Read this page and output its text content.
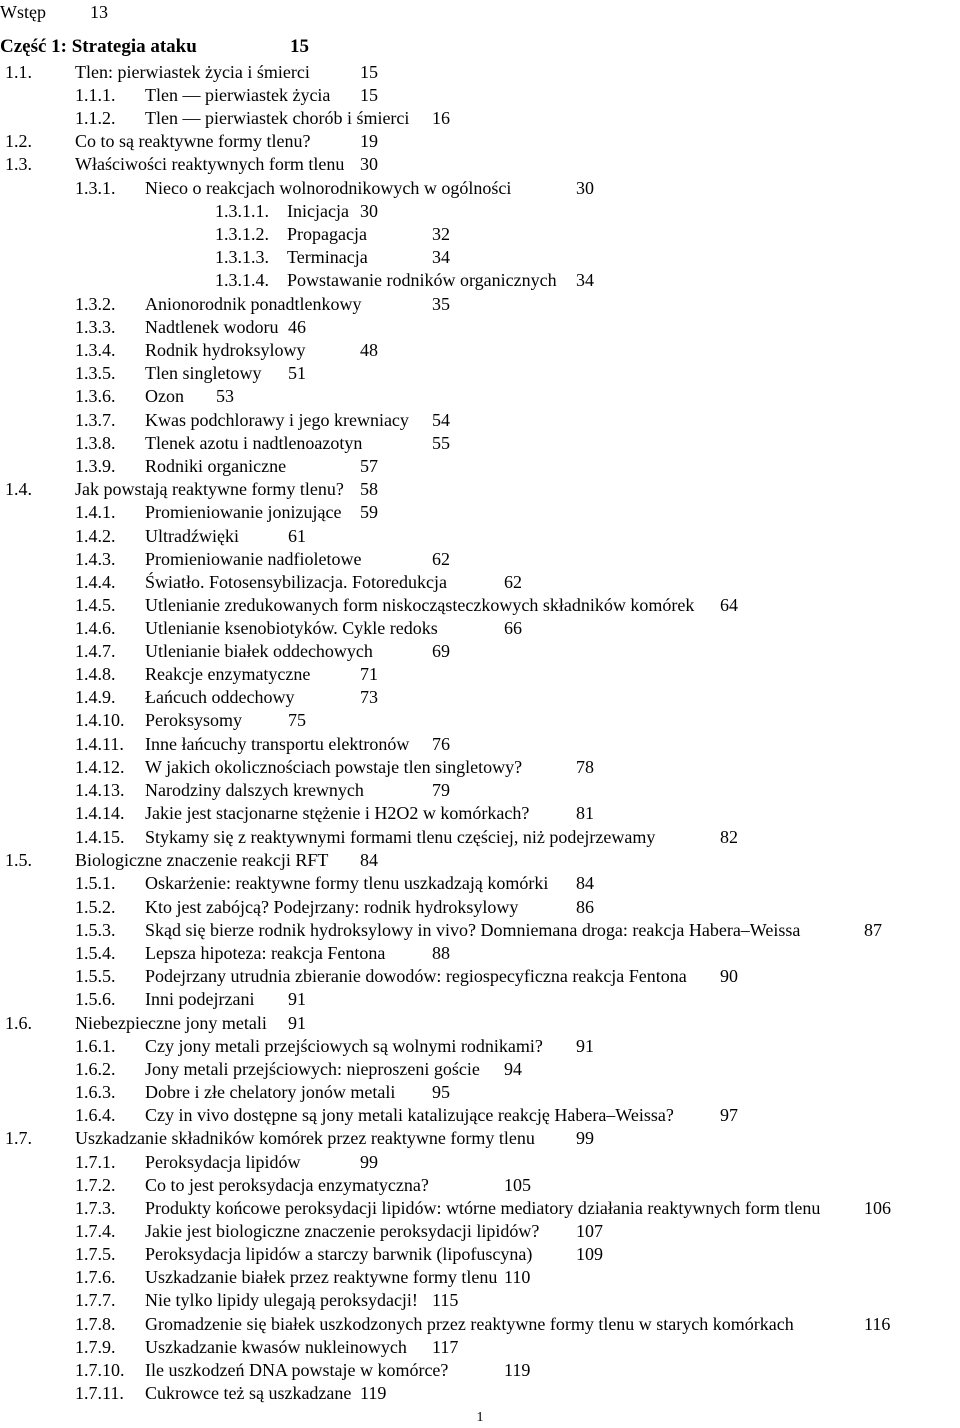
Wstęp 13
Część 1: Strategia ataku	15
1.1. Tlen: pierwiastek życia i śmierci	15
1.1.1. Tlen — pierwiastek życia 15
1.1.2. Tlen — pierwiastek chorób i śmierci 16
1.2. Co to są reaktywne formy tlenu?	19
1.3. Właściwości reaktywnych form tlenu 30
1.3.1. Nieco o reakcjach wolnorodnikowych w ogólności	30
1.3.1.1. Inicjacja 30
1.3.1.2. Propagacja	32
1.3.1.3. Terminacja	34
1.3.1.4. Powstawanie rodników organicznych 34
1.3.2. Anionorodnik ponadtlenkowy	35
1.3.3. Nadtlenek wodoru 46
1.3.4. Rodnik hydroksylowy	48
1.3.5. Tlen singletowy 51
1.3.6. Ozon 53
1.3.7. Kwas podchlorawy i jego krewniacy 54
1.3.8. Tlenek azotu i nadtlenoazotyn	55
1.3.9. Rodniki organiczne	57
1.4. Jak powstają reaktywne formy tlenu? 58
1.4.1. Promieniowanie jonizujące 59
1.4.2. Ultradźwięki	61
1.4.3. Promieniowanie nadfioletowe	62
1.4.4. Światło. Fotosensybilizacja. Fotoredukcja	62
1.4.5. Utlenianie zredukowanych form niskocząsteczkowych składników komórek 64
1.4.6. Utlenianie ksenobiotyków. Cykle redoks	66
1.4.7. Utlenianie białek oddechowych	69
1.4.8. Reakcje enzymatyczne	71
1.4.9. Łańcuch oddechowy	73
1.4.10. Peroksysomy	75
1.4.11. Inne łańcuchy transportu elektronów 76
1.4.12. W jakich okolicznościach powstaje tlen singletowy?	78
1.4.13. Narodziny dalszych krewnych	79
1.4.14. Jakie jest stacjonarne stężenie i H2O2 w komórkach?	81
1.4.15. Stykamy się z reaktywnymi formami tlenu częściej, niż podejrzewamy	82
1.5. Biologiczne znaczenie reakcji RFT 84
1.5.1. Oskarżenie: reaktywne formy tlenu uszkadzają komórki 84
1.5.2. Kto jest zabójcą? Podejrzany: rodnik hydroksylowy	86
1.5.3. Skąd się bierze rodnik hydroksylowy in vivo? Domniemana droga: reakcja Habera–Weissa	87
1.5.4. Lepsza hipoteza: reakcja Fentona	88
1.5.5. Podejrzany utrudnia zbieranie dowodów: regiospecyficzna reakcja Fentona 90
1.5.6. Inni podejrzani 91
1.6. Niebezpieczne jony metali 91
1.6.1. Czy jony metali przejściowych są wolnymi rodnikami? 91
1.6.2. Jony metali przejściowych: nieproszeni goście 94
1.6.3. Dobre i złe chelatory jonów metali 95
1.6.4. Czy in vivo dostępne są jony metali katalizujące reakcję Habera–Weissa?	97
1.7. Uszkadzanie składników komórek przez reaktywne formy tlenu 99
1.7.1. Peroksydacja lipidów	99
1.7.2. Co to jest peroksydacja enzymatyczna?	105
1.7.3. Produkty końcowe peroksydacji lipidów: wtórne mediatory działania reaktywnych form tlenu 106
1.7.4. Jakie jest biologiczne znaczenie peroksydacji lipidów? 107
1.7.5. Peroksydacja lipidów a starczy barwnik (lipofuscyna) 109
1.7.6. Uszkadzanie białek przez reaktywne formy tlenu 110
1.7.7. Nie tylko lipidy ulegają peroksydacji! 115
1.7.8. Gromadzenie się białek uszkodzonych przez reaktywne formy tlenu w starych komórkach	116
1.7.9. Uszkadzanie kwasów nukleinowych 117
1.7.10. Ile uszkodzeń DNA powstaje w komórce?	119
1.7.11. Cukrowce też są uszkadzane 119
1
